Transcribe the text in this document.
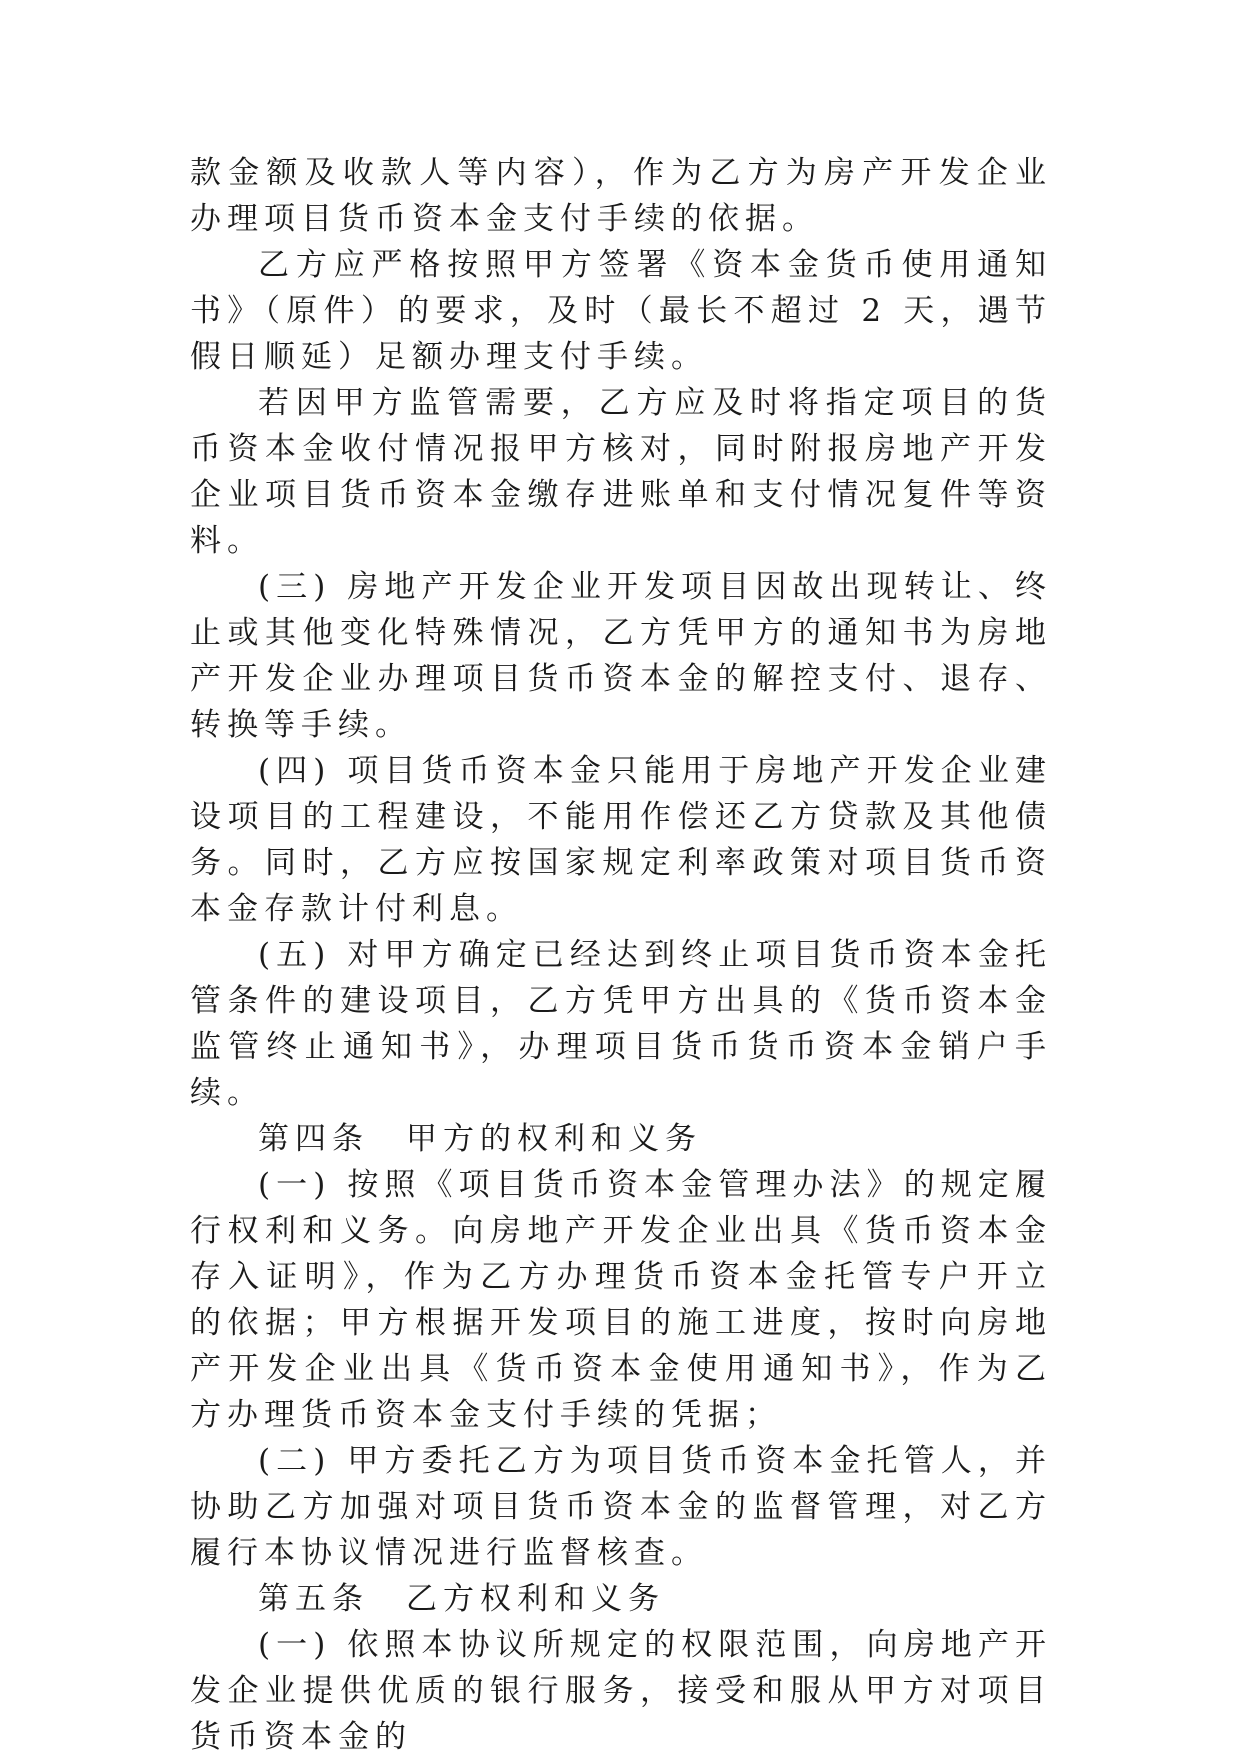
款金额及收款人等内容），作为乙方为房产开发企业办理项目货币资本金支付手续的依据。

乙方应严格按照甲方签署《资本金货币使用通知书》（原件）的要求，及时（最长不超过 2 天，遇节假日顺延）足额办理支付手续。

若因甲方监管需要，乙方应及时将指定项目的货币资本金收付情况报甲方核对，同时附报房地产开发企业项目货币资本金缴存进账单和支付情况复件等资料。

(三) 房地产开发企业开发项目因故出现转让、终止或其他变化特殊情况，乙方凭甲方的通知书为房地产开发企业办理项目货币资本金的解控支付、退存、转换等手续。

(四) 项目货币资本金只能用于房地产开发企业建设项目的工程建设，不能用作偿还乙方贷款及其他债务。同时，乙方应按国家规定利率政策对项目货币资本金存款计付利息。

(五) 对甲方确定已经达到终止项目货币资本金托管条件的建设项目，乙方凭甲方出具的《货币资本金监管终止通知书》，办理项目货币货币资本金销户手续。

第四条　甲方的权利和义务

(一) 按照《项目货币资本金管理办法》的规定履行权利和义务。向房地产开发企业出具《货币资本金存入证明》，作为乙方办理货币资本金托管专户开立的依据；甲方根据开发项目的施工进度，按时向房地产开发企业出具《货币资本金使用通知书》，作为乙方办理货币资本金支付手续的凭据；

(二) 甲方委托乙方为项目货币资本金托管人，并协助乙方加强对项目货币资本金的监督管理，对乙方履行本协议情况进行监督核查。

第五条　乙方权利和义务

(一) 依照本协议所规定的权限范围，向房地产开发企业提供优质的银行服务，接受和服从甲方对项目货币资本金的
